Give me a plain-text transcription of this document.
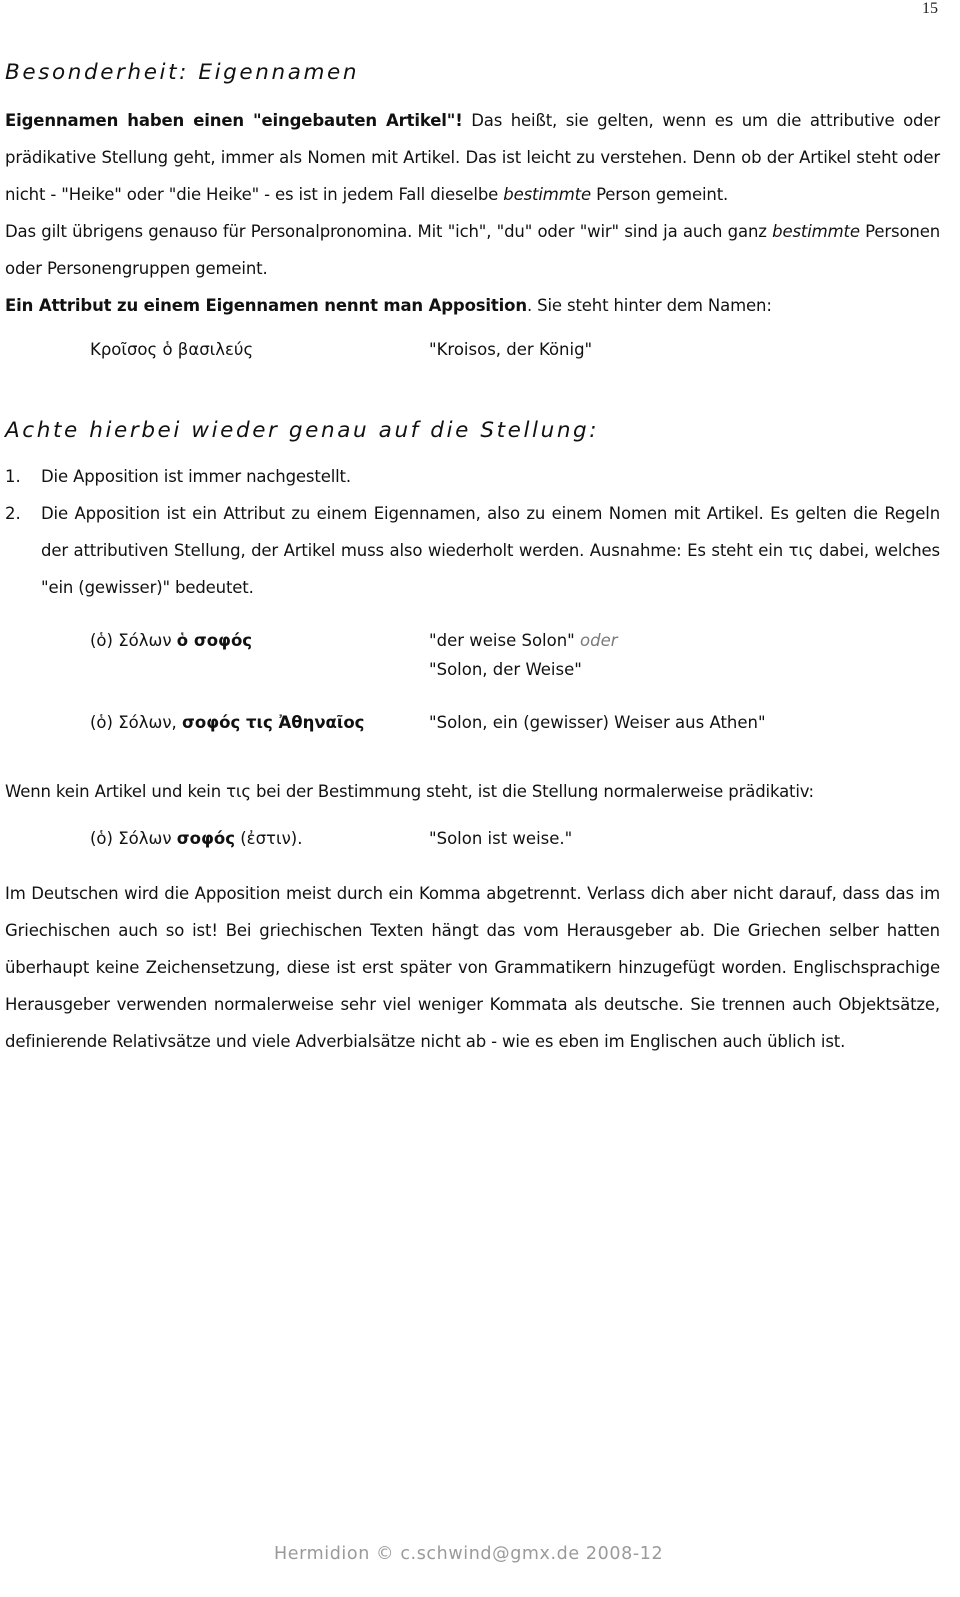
15
Besonderheit: Eigennamen

Eigennamen haben einen "eingebauten Artikel"! Das heißt, sie gelten, wenn es um die attributive oder prädikative Stellung geht, immer als Nomen mit Artikel. Das ist leicht zu verstehen. Denn ob der Artikel steht oder nicht - "Heike" oder "die Heike" - es ist in jedem Fall dieselbe bestimmte Person gemeint.

Das gilt übrigens genauso für Personalpronomina. Mit "ich", "du" oder "wir" sind ja auch ganz bestimmte Personen oder Personengruppen gemeint.

Ein Attribut zu einem Eigennamen nennt man Apposition. Sie steht hinter dem Namen:

Κροῖσος ὁ βασιλεύς	"Kroisos, der König"
Achte hierbei wieder genau auf die Stellung:
1.	Die Apposition ist immer nachgestellt.
2.	Die Apposition ist ein Attribut zu einem Eigennamen, also zu einem Nomen mit Artikel. Es gelten die Regeln der attributiven Stellung, der Artikel muss also wiederholt werden. Ausnahme: Es steht ein τις dabei, welches "ein (gewisser)" bedeutet.
(ὁ) Σόλων ὁ σοφός	"der weise Solon" oder
"Solon, der Weise"
(ὁ) Σόλων, σοφός τις Ἀθηναῖος	"Solon, ein (gewisser) Weiser aus Athen"

Wenn kein Artikel und kein τις bei der Bestimmung steht, ist die Stellung normalerweise prädikativ:

(ὁ) Σόλων σοφός (ἐστιν).	"Solon ist weise."

Im Deutschen wird die Apposition meist durch ein Komma abgetrennt. Verlass dich aber nicht darauf, dass das im Griechischen auch so ist! Bei griechischen Texten hängt das vom Herausgeber ab. Die Griechen selber hatten überhaupt keine Zeichensetzung, diese ist erst später von Grammatikern hinzugefügt worden. Englischsprachige Herausgeber verwenden normalerweise sehr viel weniger Kommata als deutsche. Sie trennen auch Objektsätze, definierende Relativsätze und viele Adverbialsätze nicht ab - wie es eben im Englischen auch üblich ist.

Hermidion © c.schwind@gmx.de 2008-12
